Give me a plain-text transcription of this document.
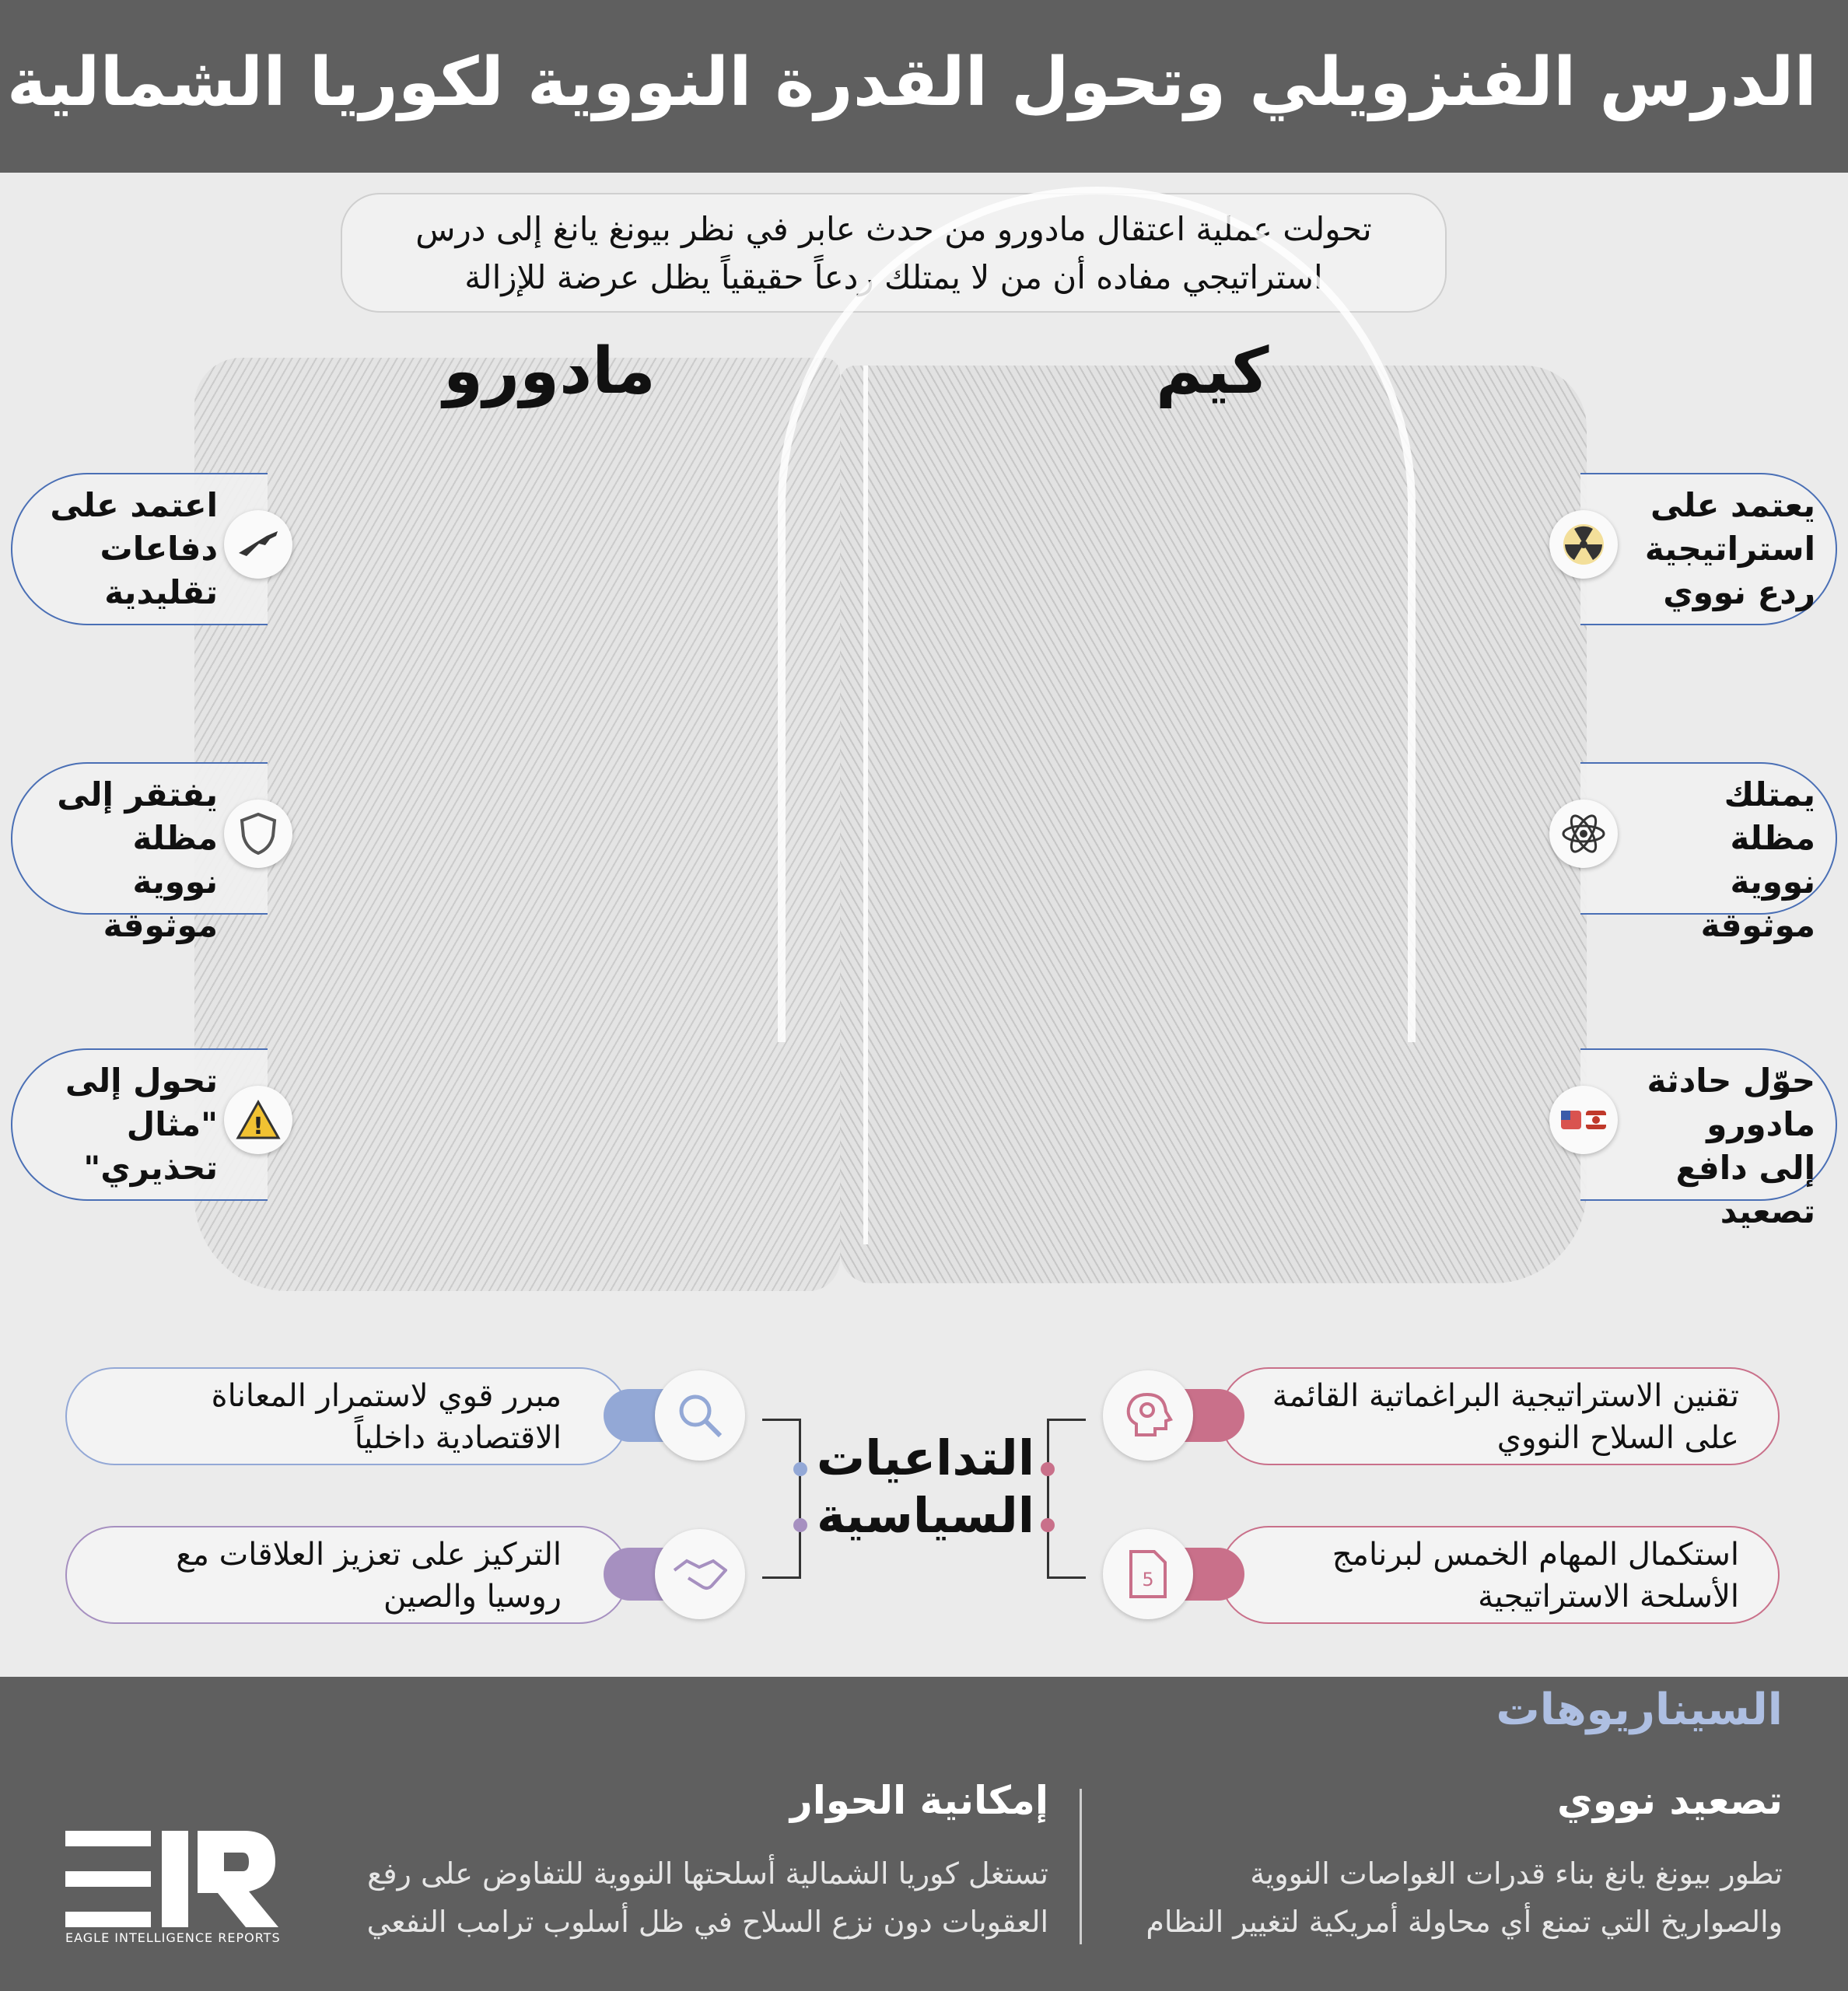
الدرس الفنزويلي وتحول القدرة النووية لكوريا الشمالية
تحولت عملية اعتقال مادورو من حدث عابر في نظر بيونغ يانغ إلى درس
استراتيجي مفاده أن من لا يمتلك ردعاً حقيقياً يظل عرضة للإزالة
مادورو	كيم
اعتمد على دفاعات تقليدية
يفتقر إلى مظلة نووية موثوقة
تحول إلى "مثال تحذيري"
!
يعتمد على استراتيجية ردع نووي
يمتلك مظلة نووية موثوقة
حوّل حادثة مادورو إلى دافع تصعيد
التداعيات
السياسية
تقنين الاستراتيجية البراغماتية القائمة على السلاح النووي
استكمال المهام الخمس لبرنامج الأسلحة الاستراتيجية
5
مبرر قوي لاستمرار المعاناة الاقتصادية داخلياً
التركيز على تعزيز العلاقات مع روسيا والصين
السيناريوهات
تصعيد نووي
تطور بيونغ يانغ بناء قدرات الغواصات النووية
والصواريخ التي تمنع أي محاولة أمريكية لتغيير النظام
إمكانية الحوار
تستغل كوريا الشمالية أسلحتها النووية للتفاوض على رفع
العقوبات دون نزع السلاح في ظل أسلوب ترامب النفعي
EAGLE INTELLIGENCE REPORTS
